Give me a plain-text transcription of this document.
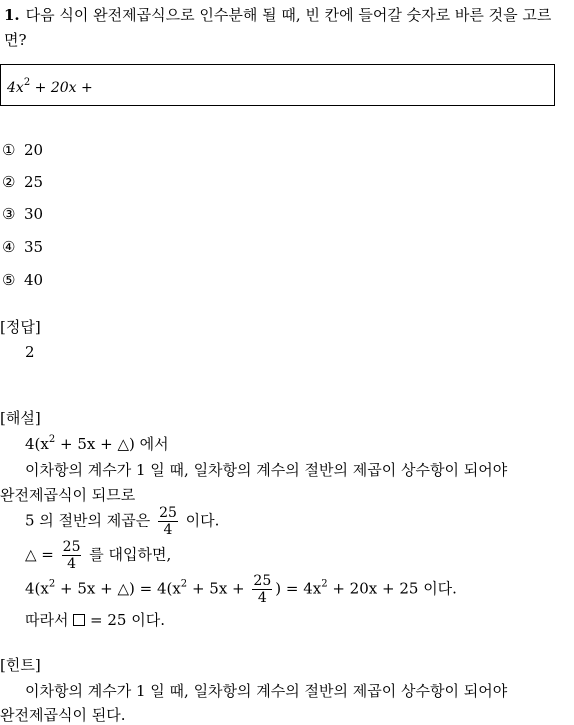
1. 다음 식이 완전제곱식으로 인수분해 될 때, 빈 칸에 들어갈 숫자로 바른 것을 고르면?
$4x^2 + 20x$ +
① 20
② 25
③ 30
④ 35
⑤ 40
[정답]
2
[해설]
$4(x^2 + 5x$ + △) 에서
이차항의 계수가 1 일 때, 일차항의 계수의 절반의 제곱이 상수항이 되어야
완전제곱식이 되므로
5 의 절반의 제곱은 $\frac{25}{4}$ 이다.
△ = $\frac{25}{4}$ 를 대입하면,
$4(x^2 + 5x$ + △) = $4(x^2 + 5x + \frac{25}{4}$ ) = $4x^2 + 20x + 25$ 이다.
따라서 = 25 이다.
[힌트]
이차항의 계수가 1 일 때, 일차항의 계수의 절반의 제곱이 상수항이 되어야
완전제곱식이 된다.
